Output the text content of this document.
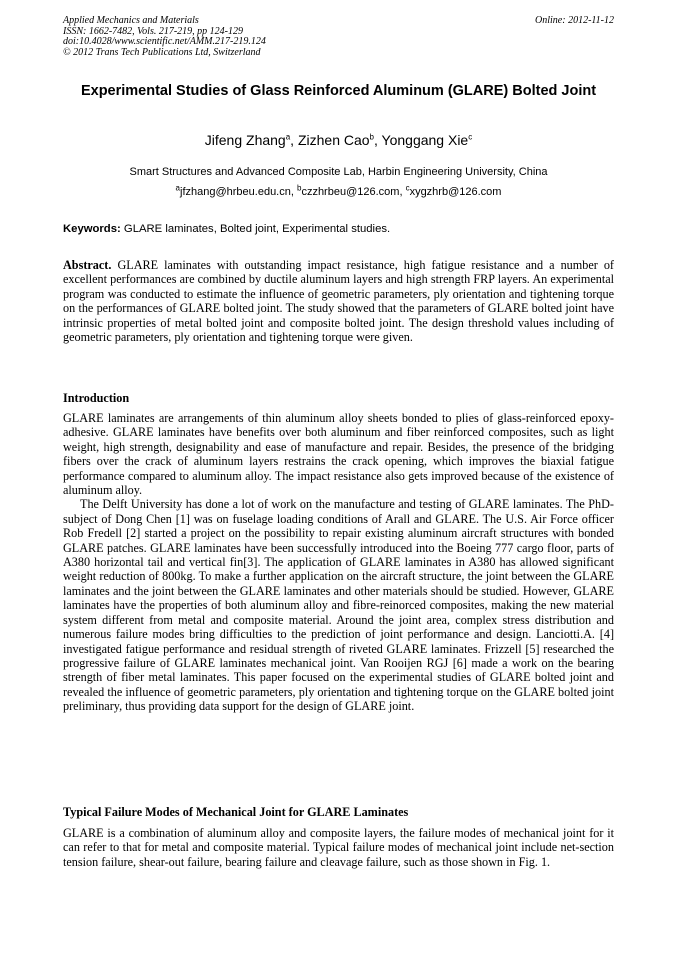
Applied Mechanics and Materials
ISSN: 1662-7482, Vols. 217-219, pp 124-129
doi:10.4028/www.scientific.net/AMM.217-219.124
© 2012 Trans Tech Publications Ltd, Switzerland
Online: 2012-11-12
Experimental Studies of Glass Reinforced Aluminum (GLARE) Bolted Joint
Jifeng Zhang$^a$, Zizhen Cao$^b$, Yonggang Xie$^c$
Smart Structures and Advanced Composite Lab, Harbin Engineering University, China
$^a$jfzhang@hrbeu.edu.cn, $^b$czzhrbeu@126.com, $^c$xygzhrb@126.com
Keywords: GLARE laminates, Bolted joint, Experimental studies.

Abstract. GLARE laminates with outstanding impact resistance, high fatigue resistance and a number of excellent performances are combined by ductile aluminum layers and high strength FRP layers. An experimental program was conducted to estimate the influence of geometric parameters, ply orientation and tightening torque on the performances of GLARE bolted joint. The study showed that the parameters of GLARE bolted joint have intrinsic properties of metal bolted joint and composite bolted joint. The design threshold values including of geometric parameters, ply orientation and tightening torque were given.

Introduction

GLARE laminates are arrangements of thin aluminum alloy sheets bonded to plies of glass-reinforced epoxy-adhesive. GLARE laminates have benefits over both aluminum and fiber reinforced composites, such as light weight, high strength, designability and ease of manufacture and repair. Besides, the presence of the bridging fibers over the crack of aluminum layers restrains the crack opening, which improves the biaxial fatigue performance compared to aluminum alloy. The impact resistance also gets improved because of the existence of aluminum alloy.

The Delft University has done a lot of work on the manufacture and testing of GLARE laminates. The PhD-subject of Dong Chen [1] was on fuselage loading conditions of Arall and GLARE. The U.S. Air Force officer Rob Fredell [2] started a project on the possibility to repair existing aluminum aircraft structures with bonded GLARE patches. GLARE laminates have been successfully introduced into the Boeing 777 cargo floor, parts of A380 horizontal tail and vertical fin[3]. The application of GLARE laminates in A380 has allowed significant weight reduction of 800kg. To make a further application on the aircraft structure, the joint between the GLARE laminates and the joint between the GLARE laminates and other materials should be studied. However, GLARE laminates have the properties of both aluminum alloy and fibre-reinorced composites, making the new material system different from metal and composite material. Around the joint area, complex stress distribution and numerous failure modes bring difficulties to the prediction of joint performance and design. Lanciotti.A. [4] investigated fatigue performance and residual strength of riveted GLARE laminates. Frizzell [5] researched the progressive failure of GLARE laminates mechanical joint. Van Rooijen RGJ [6] made a work on the bearing strength of fiber metal laminates. This paper focused on the experimental studies of GLARE bolted joint and revealed the influence of geometric parameters, ply orientation and tightening torque on the GLARE bolted joint preliminary, thus providing data support for the design of GLARE joint.

Typical Failure Modes of Mechanical Joint for GLARE Laminates

GLARE is a combination of aluminum alloy and composite layers, the failure modes of mechanical joint for it can refer to that for metal and composite material. Typical failure modes of mechanical joint include net-section tension failure, shear-out failure, bearing failure and cleavage failure, such as those shown in Fig. 1.
